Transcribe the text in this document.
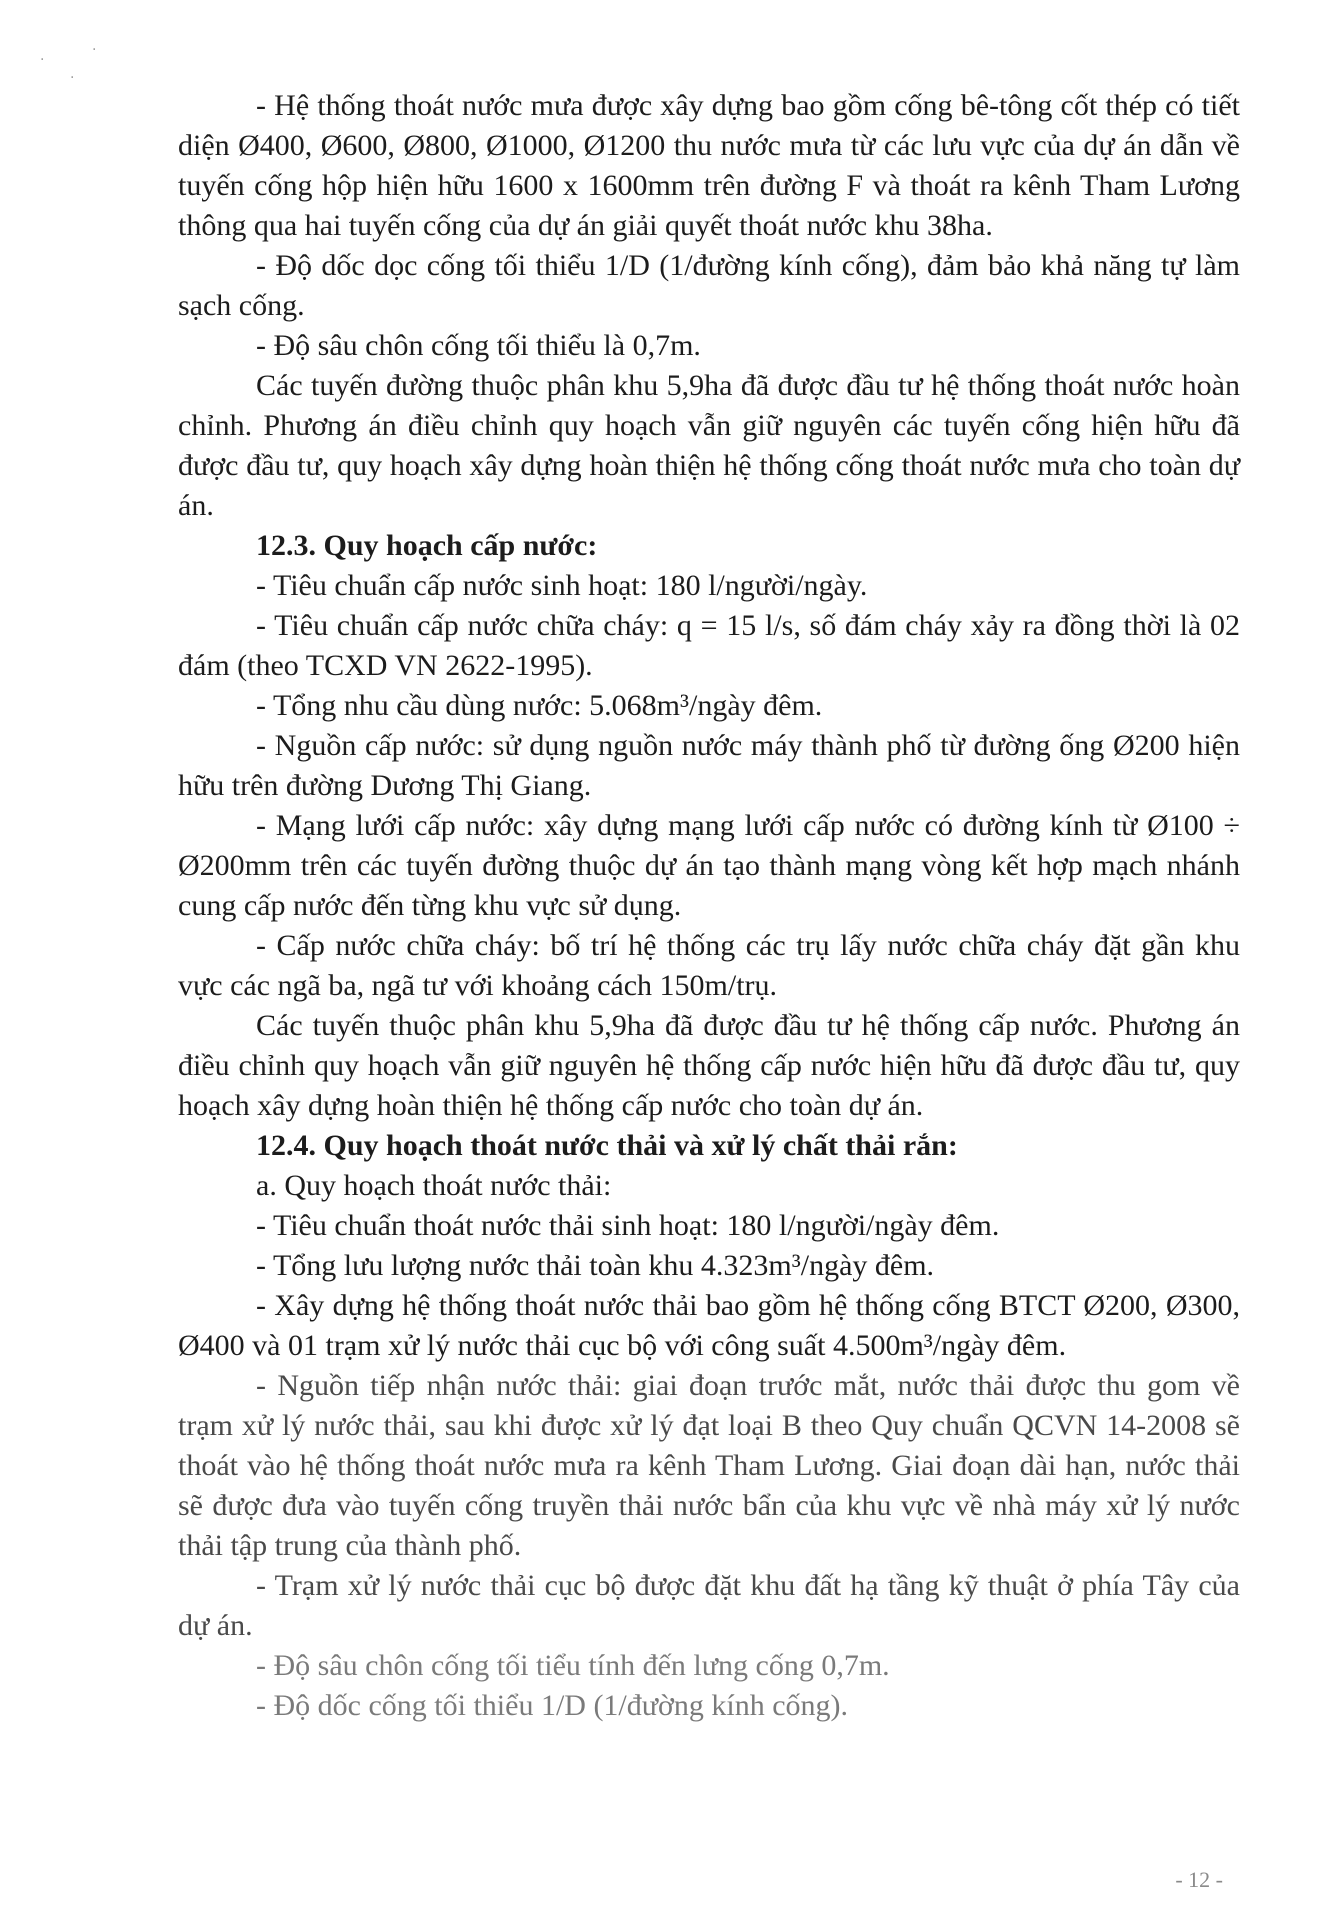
·
·
·

- Hệ thống thoát nước mưa được xây dựng bao gồm cống bê-tông cốt thép có tiết diện Ø400, Ø600, Ø800, Ø1000, Ø1200 thu nước mưa từ các lưu vực của dự án dẫn về tuyến cống hộp hiện hữu 1600 x 1600mm trên đường F và thoát ra kênh Tham Lương thông qua hai tuyến cống của dự án giải quyết thoát nước khu 38ha.

- Độ dốc dọc cống tối thiểu 1/D (1/đường kính cống), đảm bảo khả năng tự làm sạch cống.

- Độ sâu chôn cống tối thiểu là 0,7m.

Các tuyến đường thuộc phân khu 5,9ha đã được đầu tư hệ thống thoát nước hoàn chỉnh. Phương án điều chỉnh quy hoạch vẫn giữ nguyên các tuyến cống hiện hữu đã được đầu tư, quy hoạch xây dựng hoàn thiện hệ thống cống thoát nước mưa cho toàn dự án.

12.3. Quy hoạch cấp nước:

- Tiêu chuẩn cấp nước sinh hoạt: 180 l/người/ngày.

- Tiêu chuẩn cấp nước chữa cháy: q = 15 l/s, số đám cháy xảy ra đồng thời là 02 đám (theo TCXD VN 2622-1995).

- Tổng nhu cầu dùng nước: 5.068m³/ngày đêm.

- Nguồn cấp nước: sử dụng nguồn nước máy thành phố từ đường ống Ø200 hiện hữu trên đường Dương Thị Giang.

- Mạng lưới cấp nước: xây dựng mạng lưới cấp nước có đường kính từ Ø100 ÷ Ø200mm trên các tuyến đường thuộc dự án tạo thành mạng vòng kết hợp mạch nhánh cung cấp nước đến từng khu vực sử dụng.

- Cấp nước chữa cháy: bố trí hệ thống các trụ lấy nước chữa cháy đặt gần khu vực các ngã ba, ngã tư với khoảng cách 150m/trụ.

Các tuyến thuộc phân khu 5,9ha đã được đầu tư hệ thống cấp nước. Phương án điều chỉnh quy hoạch vẫn giữ nguyên hệ thống cấp nước hiện hữu đã được đầu tư, quy hoạch xây dựng hoàn thiện hệ thống cấp nước cho toàn dự án.

12.4. Quy hoạch thoát nước thải và xử lý chất thải rắn:

a. Quy hoạch thoát nước thải:

- Tiêu chuẩn thoát nước thải sinh hoạt: 180 l/người/ngày đêm.

- Tổng lưu lượng nước thải toàn khu 4.323m³/ngày đêm.

- Xây dựng hệ thống thoát nước thải bao gồm hệ thống cống BTCT Ø200, Ø300, Ø400 và 01 trạm xử lý nước thải cục bộ với công suất 4.500m³/ngày đêm.

- Nguồn tiếp nhận nước thải: giai đoạn trước mắt, nước thải được thu gom về trạm xử lý nước thải, sau khi được xử lý đạt loại B theo Quy chuẩn QCVN 14-2008 sẽ thoát vào hệ thống thoát nước mưa ra kênh Tham Lương. Giai đoạn dài hạn, nước thải sẽ được đưa vào tuyến cống truyền thải nước bẩn của khu vực về nhà máy xử lý nước thải tập trung của thành phố.

- Trạm xử lý nước thải cục bộ được đặt khu đất hạ tầng kỹ thuật ở phía Tây của dự án.

- Độ sâu chôn cống tối tiểu tính đến lưng cống 0,7m.

- Độ dốc cống tối thiểu 1/D (1/đường kính cống).

- 12 -
